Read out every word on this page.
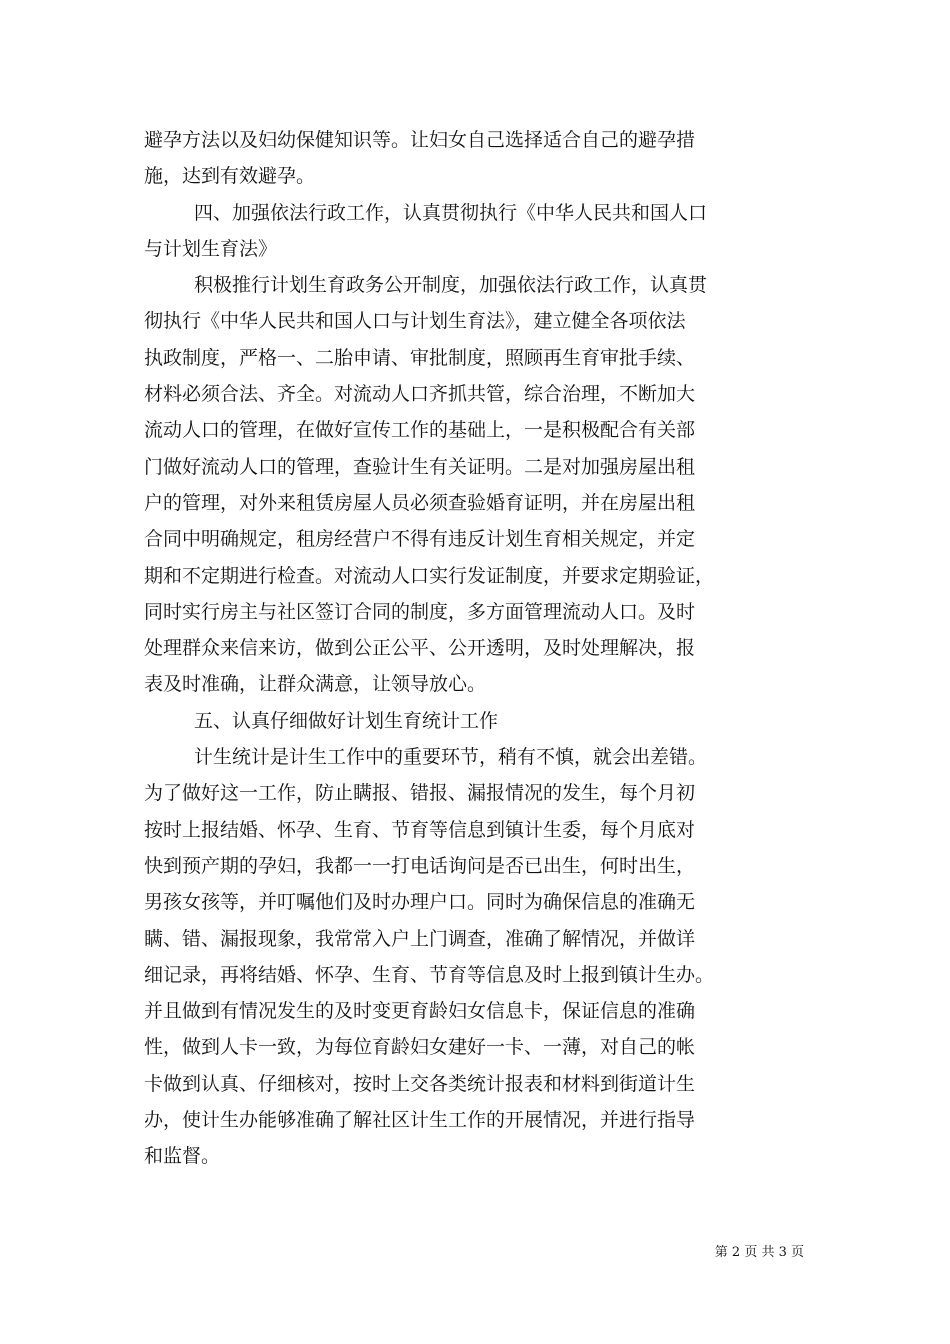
避孕方法以及妇幼保健知识等。让妇女自己选择适合自己的避孕措
施，达到有效避孕。
四、加强依法行政工作，认真贯彻执行《中华人民共和国人口
与计划生育法》
积极推行计划生育政务公开制度，加强依法行政工作，认真贯
彻执行《中华人民共和国人口与计划生育法》，建立健全各项依法
执政制度，严格一、二胎申请、审批制度，照顾再生育审批手续、
材料必须合法、齐全。对流动人口齐抓共管，综合治理，不断加大
流动人口的管理，在做好宣传工作的基础上，一是积极配合有关部
门做好流动人口的管理，查验计生有关证明。二是对加强房屋出租
户的管理，对外来租赁房屋人员必须查验婚育证明，并在房屋出租
合同中明确规定，租房经营户不得有违反计划生育相关规定，并定
期和不定期进行检查。对流动人口实行发证制度，并要求定期验证，
同时实行房主与社区签订合同的制度，多方面管理流动人口。及时
处理群众来信来访，做到公正公平、公开透明，及时处理解决，报
表及时准确，让群众满意，让领导放心。
五、认真仔细做好计划生育统计工作
计生统计是计生工作中的重要环节，稍有不慎，就会出差错。
为了做好这一工作，防止瞒报、错报、漏报情况的发生，每个月初
按时上报结婚、怀孕、生育、节育等信息到镇计生委，每个月底对
快到预产期的孕妇，我都一一打电话询问是否已出生，何时出生，
男孩女孩等，并叮嘱他们及时办理户口。同时为确保信息的准确无
瞒、错、漏报现象，我常常入户上门调查，准确了解情况，并做详
细记录，再将结婚、怀孕、生育、节育等信息及时上报到镇计生办。
并且做到有情况发生的及时变更育龄妇女信息卡，保证信息的准确
性，做到人卡一致，为每位育龄妇女建好一卡、一薄，对自己的帐
卡做到认真、仔细核对，按时上交各类统计报表和材料到街道计生
办，使计生办能够准确了解社区计生工作的开展情况，并进行指导
和监督。
第 2 页 共 3 页
